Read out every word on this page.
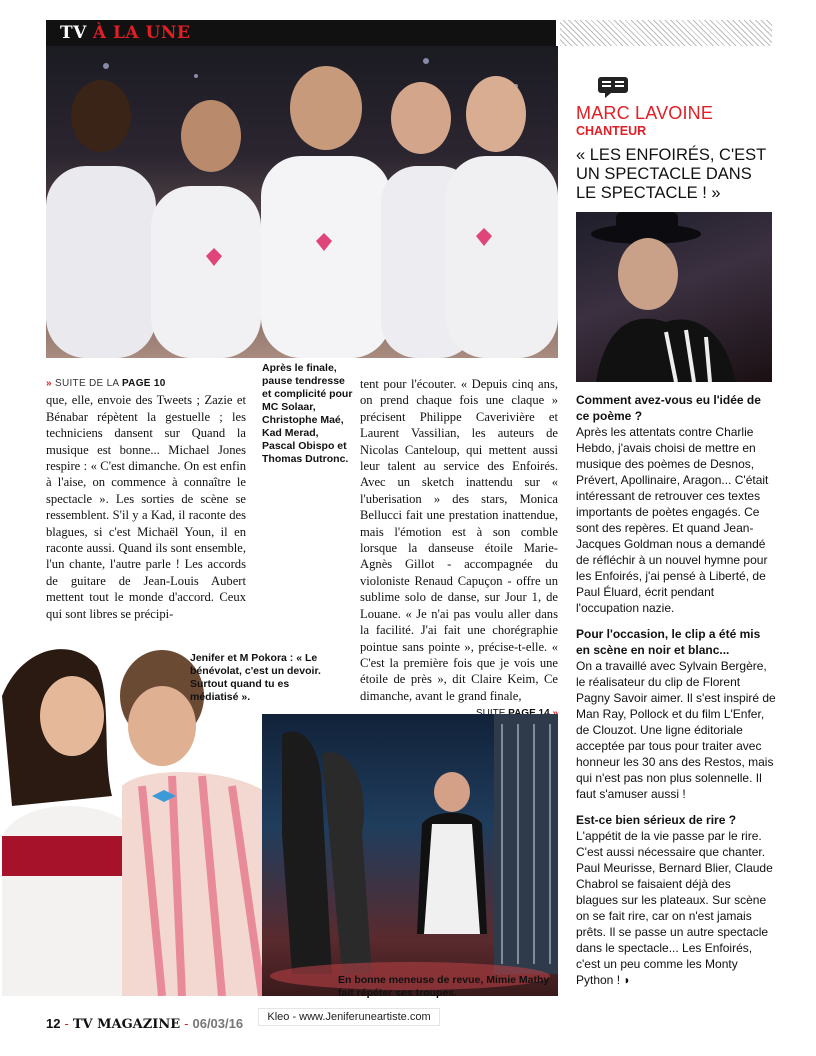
TV À LA UNE
» SUITE DE LA PAGE 10

que, elle, envoie des Tweets ; Zazie et Bénabar répètent la gestuelle ; les techniciens dansent sur Quand la musique est bonne... Michael Jones respire : « C'est dimanche. On est enfin à l'aise, on commence à connaître le spectacle ». Les sorties de scène se ressemblent. S'il y a Kad, il raconte des blagues, si c'est Michaël Youn, il en raconte aussi. Quand ils sont ensemble, l'un chante, l'autre parle ! Les accords de guitare de Jean-Louis Aubert mettent tout le monde d'accord. Ceux qui sont libres se précipi-

Après le finale, pause tendresse et complicité pour MC Solaar, Christophe Maé, Kad Merad, Pascal Obispo et Thomas Dutronc.

tent pour l'écouter. « Depuis cinq ans, on prend chaque fois une claque » précisent Philippe Caverivière et Laurent Vassilian, les auteurs de Nicolas Canteloup, qui mettent aussi leur talent au service des Enfoirés. Avec un sketch inattendu sur « l'uberisation » des stars, Monica Bellucci fait une prestation inattendue, mais l'émotion est à son comble lorsque la danseuse étoile Marie-Agnès Gillot - accompagnée du violoniste Renaud Capuçon - offre un sublime solo de danse, sur Jour 1, de Louane. « Je n'ai pas voulu aller dans la facilité. J'ai fait une chorégraphie pointue sans pointe », précise-t-elle. « C'est la première fois que je vois une étoile de près », dit Claire Keim, Ce dimanche, avant le grand finale,

MARC LAVOINE
CHANTEUR
« LES ENFOIRÉS, C'EST UN SPECTACLE DANS LE SPECTACLE ! »

Comment avez-vous eu l'idée de ce poème ?

Après les attentats contre Charlie Hebdo, j'avais choisi de mettre en musique des poèmes de Desnos, Prévert, Apollinaire, Aragon... C'était intéressant de retrouver ces textes importants de poètes engagés. Ce sont des repères. Et quand Jean-Jacques Goldman nous a demandé de réfléchir à un nouvel hymne pour les Enfoirés, j'ai pensé à Liberté, de Paul Éluard, écrit pendant l'occupation nazie.

Pour l'occasion, le clip a été mis en scène en noir et blanc...

On a travaillé avec Sylvain Bergère, le réalisateur du clip de Florent Pagny Savoir aimer. Il s'est inspiré de Man Ray, Pollock et du film L'Enfer, de Clouzot. Une ligne éditoriale acceptée par tous pour traiter avec honneur les 30 ans des Restos, mais qui n'est pas non plus solennelle. Il faut s'amuser aussi !

Est-ce bien sérieux de rire ?

L'appétit de la vie passe par le rire. C'est aussi nécessaire que chanter. Paul Meurisse, Bernard Blier, Claude Chabrol se faisaient déjà des blagues sur les plateaux. Sur scène on se fait rire, car on n'est jamais prêts. Il se passe un autre spectacle dans le spectacle... Les Enfoirés, c'est un peu comme les Monty Python ! ◗

Jenifer et M Pokora : « Le bénévolat, c'est un devoir. Surtout quand tu es médiatisé ».
En bonne meneuse de revue, Mimie Mathy fait répéter ses troupes.
12 - TV MAGAZINE - 06/03/16	Kleo - www.Jeniferuneartiste.com
